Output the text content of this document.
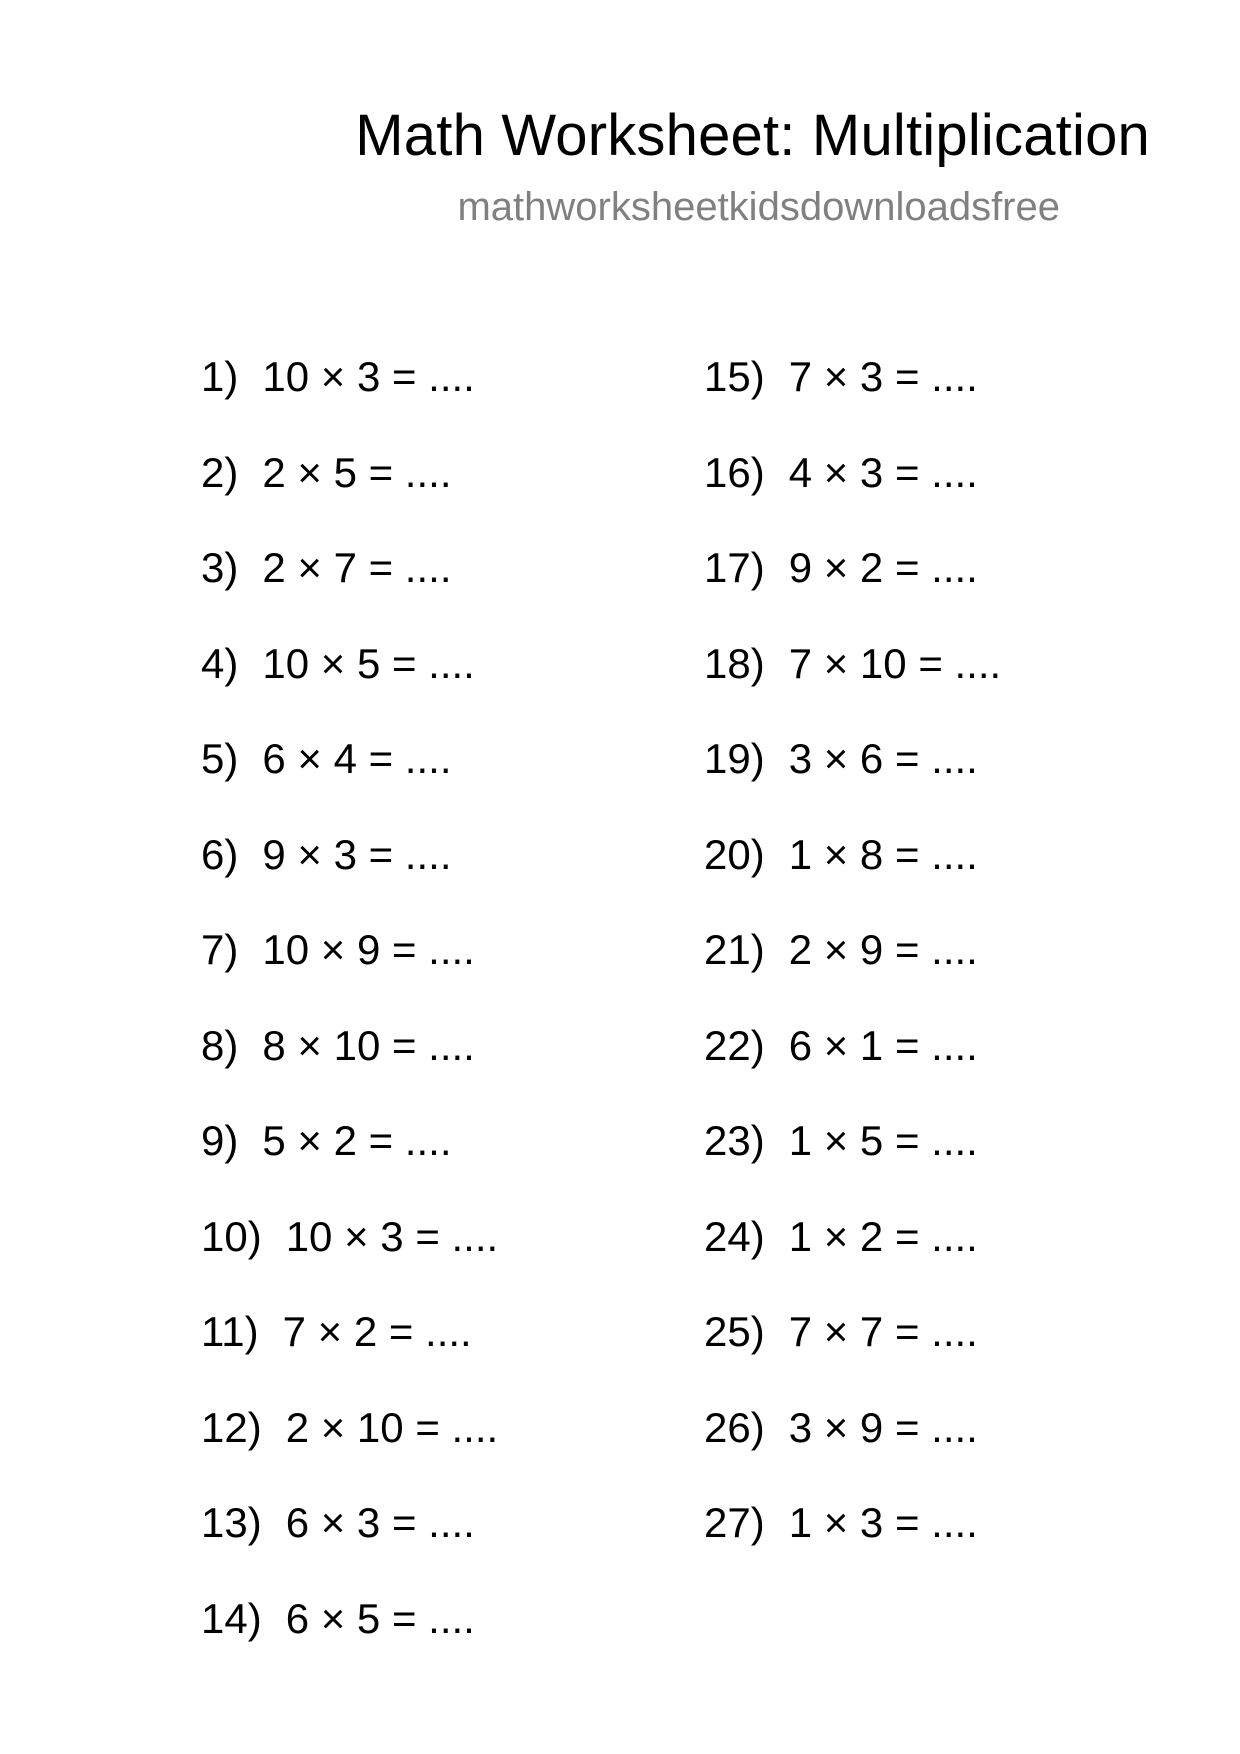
Math Worksheet: Multiplication
mathworksheetkidsdownloadsfree
1) 10 × 3 = ....
2) 2 × 5 = ....
3) 2 × 7 = ....
4) 10 × 5 = ....
5) 6 × 4 = ....
6) 9 × 3 = ....
7) 10 × 9 = ....
8) 8 × 10 = ....
9) 5 × 2 = ....
10) 10 × 3 = ....
11) 7 × 2 = ....
12) 2 × 10 = ....
13) 6 × 3 = ....
14) 6 × 5 = ....
15) 7 × 3 = ....
16) 4 × 3 = ....
17) 9 × 2 = ....
18) 7 × 10 = ....
19) 3 × 6 = ....
20) 1 × 8 = ....
21) 2 × 9 = ....
22) 6 × 1 = ....
23) 1 × 5 = ....
24) 1 × 2 = ....
25) 7 × 7 = ....
26) 3 × 9 = ....
27) 1 × 3 = ....
